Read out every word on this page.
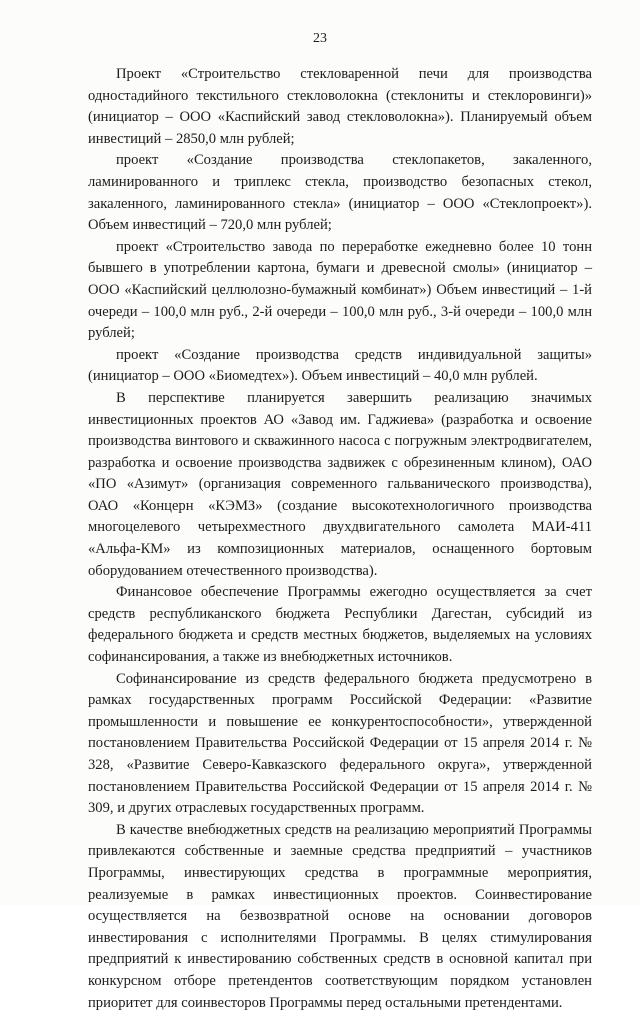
23

Проект «Строительство стекловаренной печи для производства одностадийного текстильного стекловолокна (стеклониты и стеклоровинги)» (инициатор – ООО «Каспийский завод стекловолокна»). Планируемый объем инвестиций – 2850,0 млн рублей;

проект «Создание производства стеклопакетов, закаленного, ламинированного и триплекс стекла, производство безопасных стекол, закаленного, ламинированного стекла» (инициатор – ООО «Стеклопроект»). Объем инвестиций – 720,0 млн рублей;

проект «Строительство завода по переработке ежедневно более 10 тонн бывшего в употреблении картона, бумаги и древесной смолы» (инициатор – ООО «Каспийский целлюлозно-бумажный комбинат») Объем инвестиций – 1-й очереди – 100,0 млн руб., 2-й очереди – 100,0 млн руб., 3-й очереди – 100,0 млн рублей;

проект «Создание производства средств индивидуальной защиты» (инициатор – ООО «Биомедтех»). Объем инвестиций – 40,0 млн рублей.

В перспективе планируется завершить реализацию значимых инвестиционных проектов АО «Завод им. Гаджиева» (разработка и освоение производства винтового и скважинного насоса с погружным электродвигателем, разработка и освоение производства задвижек с обрезиненным клином), ОАО «ПО «Азимут» (организация современного гальванического производства), ОАО «Концерн «КЭМЗ» (создание высокотехнологичного производства многоцелевого четырехместного двухдвигательного самолета МАИ-411 «Альфа-КМ» из композиционных материалов, оснащенного бортовым оборудованием отечественного производства).

Финансовое обеспечение Программы ежегодно осуществляется за счет средств республиканского бюджета Республики Дагестан, субсидий из федерального бюджета и средств местных бюджетов, выделяемых на условиях софинансирования, а также из внебюджетных источников.

Софинансирование из средств федерального бюджета предусмотрено в рамках государственных программ Российской Федерации: «Развитие промышленности и повышение ее конкурентоспособности», утвержденной постановлением Правительства Российской Федерации от 15 апреля 2014 г. № 328, «Развитие Северо-Кавказского федерального округа», утвержденной постановлением Правительства Российской Федерации от 15 апреля 2014 г. № 309, и других отраслевых государственных программ.

В качестве внебюджетных средств на реализацию мероприятий Программы привлекаются собственные и заемные средства предприятий – участников Программы, инвестирующих средства в программные мероприятия, реализуемые в рамках инвестиционных проектов. Соинвестирование осуществляется на безвозвратной основе на основании договоров инвестирования с исполнителями Программы. В целях стимулирования предприятий к инвестированию собственных средств в основной капитал при конкурсном отборе претендентов соответствующим порядком установлен приоритет для соинвесторов Программы перед остальными претендентами.
